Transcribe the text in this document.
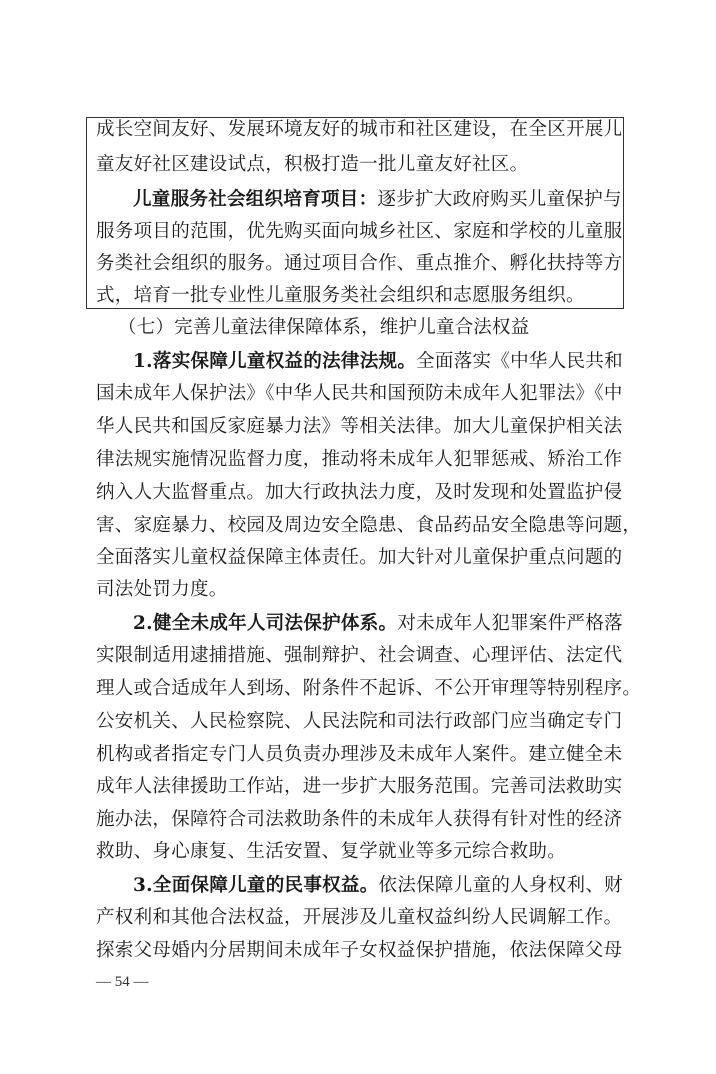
成长空间友好、发展环境友好的城市和社区建设，在全区开展儿
童友好社区建设试点，积极打造一批儿童友好社区。
儿童服务社会组织培育项目：逐步扩大政府购买儿童保护与
服务项目的范围，优先购买面向城乡社区、家庭和学校的儿童服
务类社会组织的服务。通过项目合作、重点推介、孵化扶持等方
式，培育一批专业性儿童服务类社会组织和志愿服务组织。
（七）完善儿童法律保障体系，维护儿童合法权益
1.落实保障儿童权益的法律法规。全面落实《中华人民共和
国未成年人保护法》《中华人民共和国预防未成年人犯罪法》《中
华人民共和国反家庭暴力法》等相关法律。加大儿童保护相关法
律法规实施情况监督力度，推动将未成年人犯罪惩戒、矫治工作
纳入人大监督重点。加大行政执法力度，及时发现和处置监护侵
害、家庭暴力、校园及周边安全隐患、食品药品安全隐患等问题，
全面落实儿童权益保障主体责任。加大针对儿童保护重点问题的
司法处罚力度。
2.健全未成年人司法保护体系。对未成年人犯罪案件严格落
实限制适用逮捕措施、强制辩护、社会调查、心理评估、法定代
理人或合适成年人到场、附条件不起诉、不公开审理等特别程序。
公安机关、人民检察院、人民法院和司法行政部门应当确定专门
机构或者指定专门人员负责办理涉及未成年人案件。建立健全未
成年人法律援助工作站，进一步扩大服务范围。完善司法救助实
施办法，保障符合司法救助条件的未成年人获得有针对性的经济
救助、身心康复、生活安置、复学就业等多元综合救助。
3.全面保障儿童的民事权益。依法保障儿童的人身权利、财
产权利和其他合法权益，开展涉及儿童权益纠纷人民调解工作。
探索父母婚内分居期间未成年子女权益保护措施，依法保障父母
— 54 —
